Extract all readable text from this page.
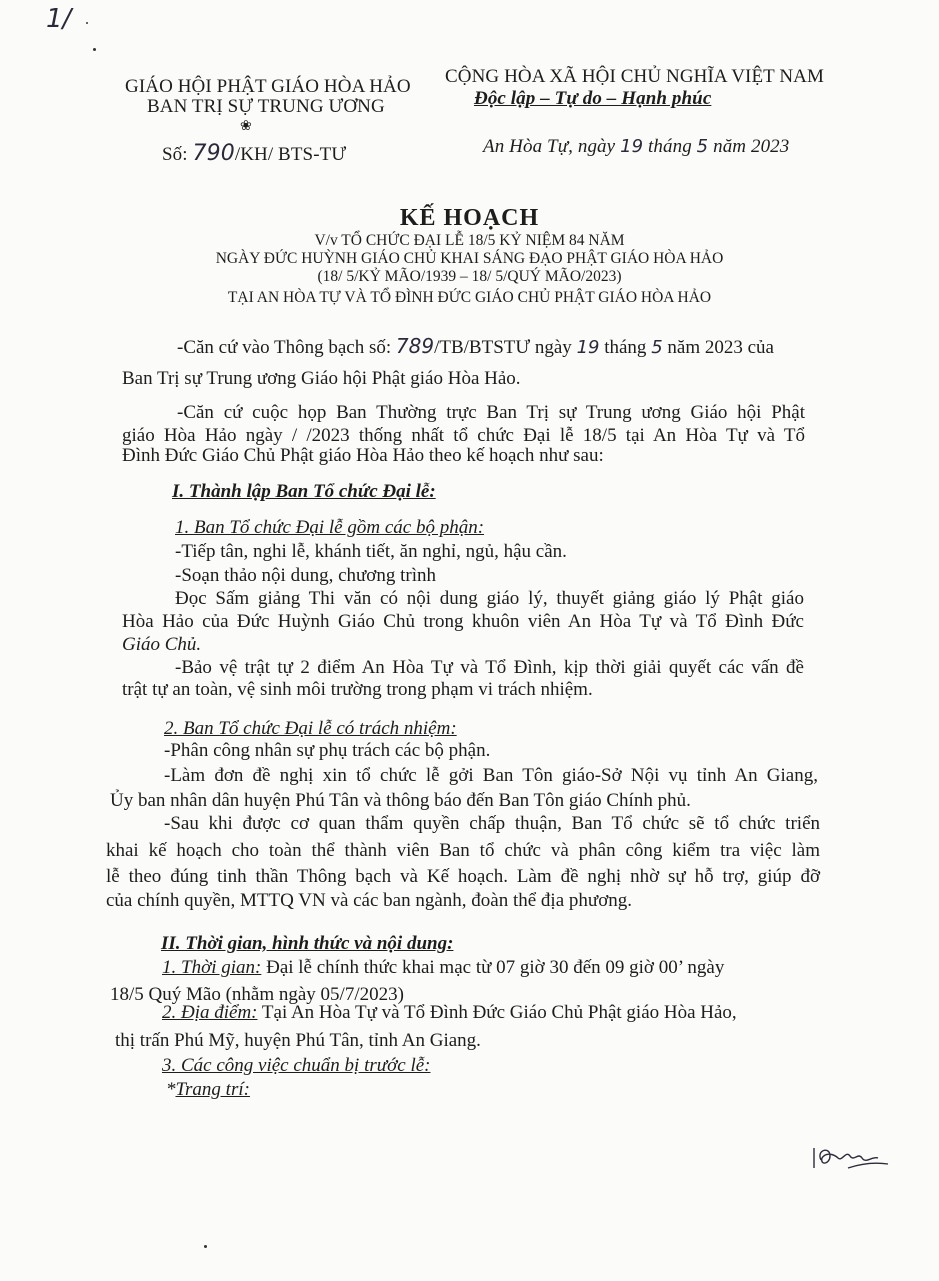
1/
GIÁO HỘI PHẬT GIÁO HÒA HẢO
BAN TRỊ SỰ TRUNG ƯƠNG
❀
Số: 790/KH/ BTS-TƯ
CỘNG HÒA XÃ HỘI CHỦ NGHĨA VIỆT NAM
Độc lập – Tự do – Hạnh phúc
An Hòa Tự, ngày 19 tháng 5 năm 2023
KẾ HOẠCH
V/v TỔ CHỨC ĐẠI LỄ 18/5 KỶ NIỆM 84 NĂM
NGÀY ĐỨC HUỲNH GIÁO CHỦ KHAI SÁNG ĐẠO PHẬT GIÁO HÒA HẢO
(18/ 5/KỶ MÃO/1939 – 18/ 5/QUÝ MÃO/2023)
TẠI AN HÒA TỰ VÀ TỔ ĐÌNH ĐỨC GIÁO CHỦ PHẬT GIÁO HÒA HẢO
-Căn cứ vào Thông bạch số: 789/TB/BTSTƯ ngày 19 tháng 5 năm 2023 của
Ban Trị sự Trung ương Giáo hội Phật giáo Hòa Hảo.
-Căn cứ cuộc họp Ban Thường trực Ban Trị sự Trung ương Giáo hội Phật
giáo Hòa Hảo ngày / /2023 thống nhất tổ chức Đại lễ 18/5 tại An Hòa Tự và Tổ
Đình Đức Giáo Chủ Phật giáo Hòa Hảo theo kế hoạch như sau:
I. Thành lập Ban Tổ chức Đại lễ:
1. Ban Tổ chức Đại lễ gồm các bộ phận:
-Tiếp tân, nghi lễ, khánh tiết, ăn nghỉ, ngủ, hậu cần.
-Soạn thảo nội dung, chương trình
Đọc Sấm giảng Thi văn có nội dung giáo lý, thuyết giảng giáo lý Phật giáo
Hòa Hảo của Đức Huỳnh Giáo Chủ trong khuôn viên An Hòa Tự và Tổ Đình Đức
Giáo Chủ.
-Bảo vệ trật tự 2 điểm An Hòa Tự và Tổ Đình, kịp thời giải quyết các vấn đề
trật tự an toàn, vệ sinh môi trường trong phạm vi trách nhiệm.
2. Ban Tổ chức Đại lễ có trách nhiệm:
-Phân công nhân sự phụ trách các bộ phận.
-Làm đơn đề nghị xin tổ chức lễ gởi Ban Tôn giáo-Sở Nội vụ tỉnh An Giang,
Ủy ban nhân dân huyện Phú Tân và thông báo đến Ban Tôn giáo Chính phủ.
-Sau khi được cơ quan thẩm quyền chấp thuận, Ban Tổ chức sẽ tổ chức triển
khai kế hoạch cho toàn thể thành viên Ban tổ chức và phân công kiểm tra việc làm
lễ theo đúng tinh thần Thông bạch và Kế hoạch. Làm đề nghị nhờ sự hỗ trợ, giúp đỡ
của chính quyền, MTTQ VN và các ban ngành, đoàn thể địa phương.
II. Thời gian, hình thức và nội dung:
1. Thời gian: Đại lễ chính thức khai mạc từ 07 giờ 30 đến 09 giờ 00’ ngày
18/5 Quý Mão (nhằm ngày 05/7/2023)
2. Địa điểm: Tại An Hòa Tự và Tổ Đình Đức Giáo Chủ Phật giáo Hòa Hảo,
thị trấn Phú Mỹ, huyện Phú Tân, tỉnh An Giang.
3. Các công việc chuẩn bị trước lễ:
*Trang trí:
